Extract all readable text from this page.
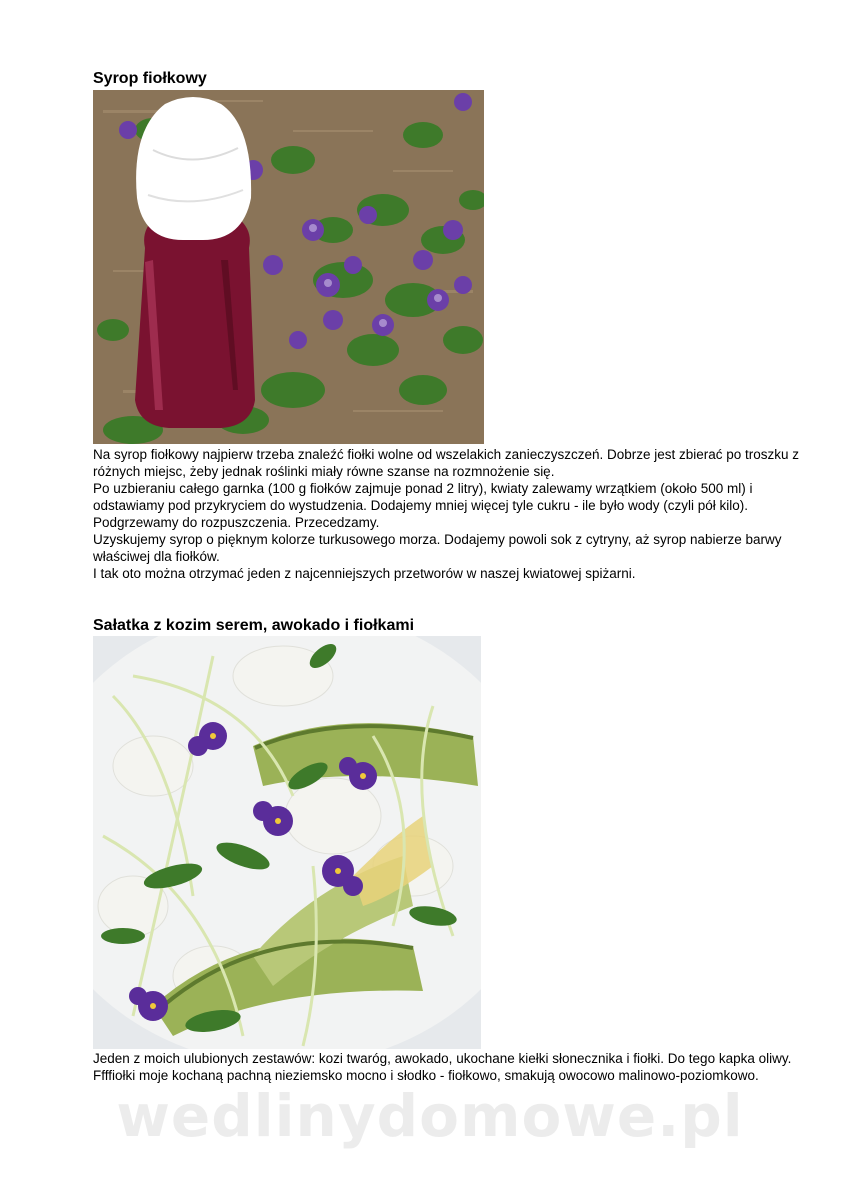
Syrop fiołkowy

Na syrop fiołkowy najpierw trzeba znaleźć fiołki wolne od wszelakich zanieczyszczeń. Dobrze jest zbierać po troszku z różnych miejsc, żeby jednak roślinki miały równe szanse na rozmnożenie się.

Po uzbieraniu całego garnka (100 g fiołków zajmuje ponad 2 litry), kwiaty zalewamy wrzątkiem (około 500 ml) i odstawiamy pod przykryciem do wystudzenia. Dodajemy mniej więcej tyle cukru - ile było wody (czyli pół kilo). Podgrzewamy do rozpuszczenia. Przecedzamy.

Uzyskujemy syrop o pięknym kolorze turkusowego morza. Dodajemy powoli sok z cytryny, aż syrop nabierze barwy właściwej dla fiołków.

I tak oto można otrzymać jeden z najcenniejszych przetworów w naszej kwiatowej spiżarni.

Sałatka z kozim serem, awokado i fiołkami

Jeden z moich ulubionych zestawów: kozi twaróg, awokado, ukochane kiełki słonecznika i fiołki. Do tego kapka oliwy.

Ffffiołki moje kochaną pachną nieziemsko mocno i słodko - fiołkowo, smakują owocowo malinowo-poziomkowo.

wedlinydomowe.pl
